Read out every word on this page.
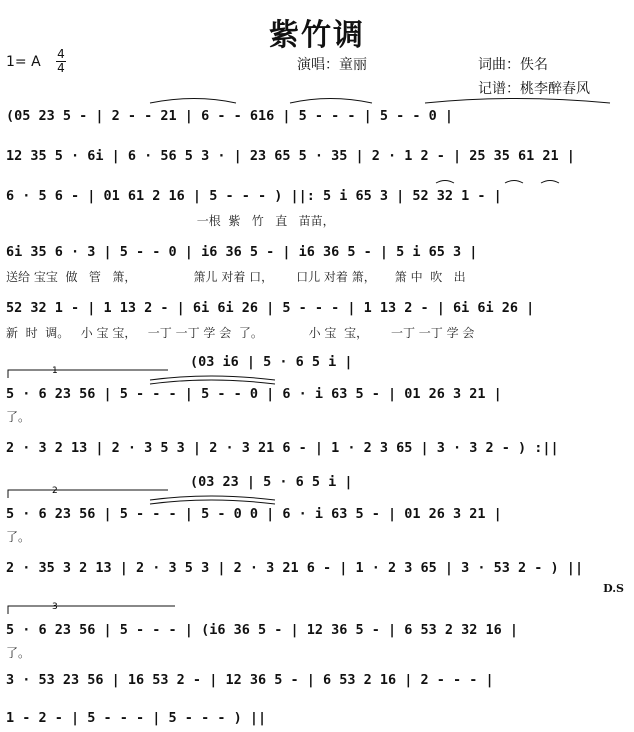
紫竹调
1= A 4
4	演唱：童丽	词曲：佚名
记谱：桃李醉春风
(05 23 5 - | 2 - - 21 | 6 - - 616 | 5 - - - | 5 - - 0 |
12 35 5 · 6i | 6 · 56 5 3 · | 23 65 5 · 35 | 2 · 1 2 - | 25 35 61 21 |
6 · 5 6 - | 01 61 2 16 | 5 - - - ) ||: 5 i 65 3 | 52 32 1 - |
一根  紫   竹   直   苗苗，
6i 35 6 · 3 | 5 - - 0 | i6 36 5 - | i6 36 5 - | 5 i 65 3 |
送给 宝宝  做   管   箫，               箫儿 对着 口，      口儿 对着 箫，     箫 中  吹   出
52 32 1 - | 1 13 2 - | 6i 6i 26 | 5 - - - | 1 13 2 - | 6i 6i 26 |
新  时  调。   小 宝 宝，   一丁 一丁 学 会  了。            小 宝  宝，      一丁 一丁 学 会
(03 i6 | 5 · 6 5 i |
5 · 6 23 56 | 5 - - - | 5 - - 0 | 6 · i 63 5 - | 01 26 3 21 |
了。
2 · 3 2 13 | 2 · 3 5 3 | 2 · 3 21 6 - | 1 · 2 3 65 | 3 · 3 2 - ) :||
(03 23 | 5 · 6 5 i |
5 · 6 23 56 | 5 - - - | 5 - 0 0 | 6 · i 63 5 - | 01 26 3 21 |
了。
2 · 35 3 2 13 | 2 · 3 5 3 | 2 · 3 21 6 - | 1 · 2 3 65 | 3 · 53 2 - ) ||
D.S
5 · 6 23 56 | 5 - - - | (i6 36 5 - | 12 36 5 - | 6 53 2 32 16 |
了。
3 · 53 23 56 | 16 53 2 - | 12 36 5 - | 6 53 2 16 | 2 - - - |
1 - 2 - | 5 - - - | 5 - - - ) ||
1
2
3
